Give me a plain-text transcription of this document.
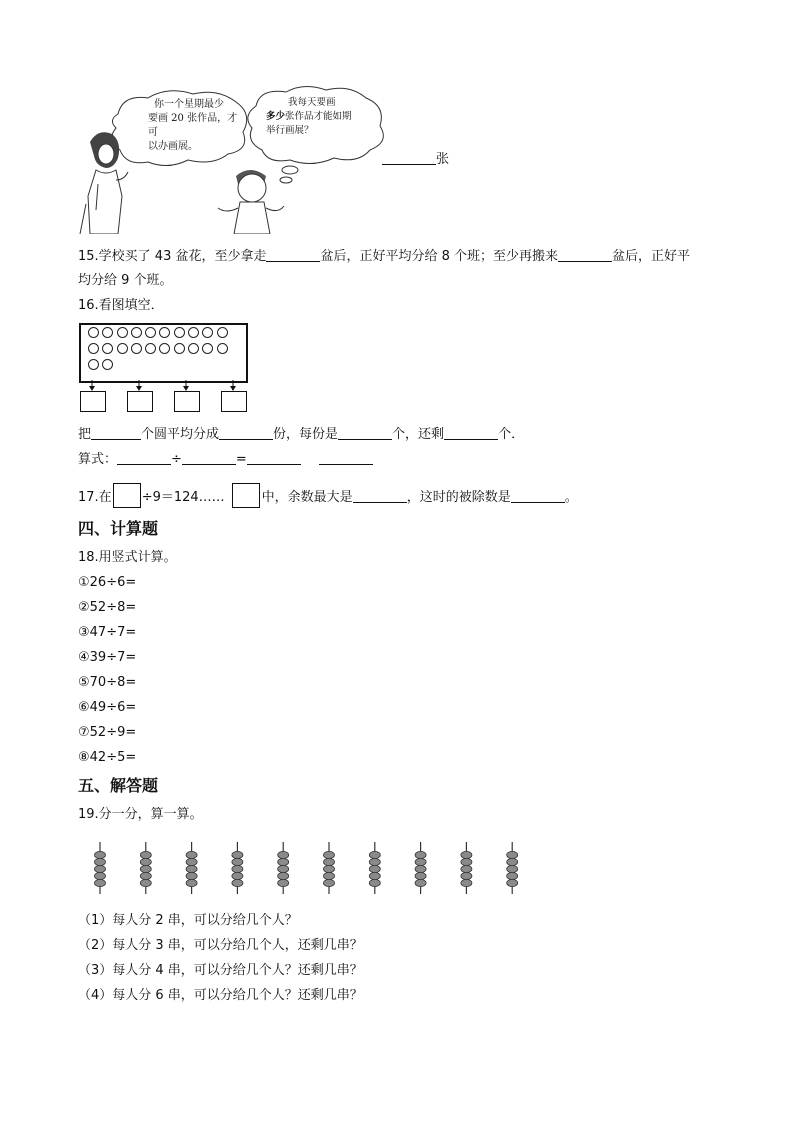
你一个星期最少
要画 20 张作品，才可
以办画展。
我每天要画
多少张作品才能如期
举行画展？
张
15.学校买了 43 盆花，至少拿走	盆后，正好平均分给 8 个班；至少再搬来	盆后，正好平
均分给 9 个班。
16.看图填空．
把	个圆平均分成	份，每份是	个，还剩	个．
算式：	÷	=
17.在 ÷9＝124……	中，余数最大是	，这时的被除数是	。
四、计算题
18.用竖式计算。
①26÷6=
②52÷8=
③47÷7=
④39÷7=
⑤70÷8=
⑥49÷6=
⑦52÷9=
⑧42÷5=
五、解答题
19.分一分，算一算。
（1）每人分 2 串，可以分给几个人？
（2）每人分 3 串，可以分给几个人，还剩几串？
（3）每人分 4 串，可以分给几个人？还剩几串？
（4）每人分 6 串，可以分给几个人？还剩几串？
